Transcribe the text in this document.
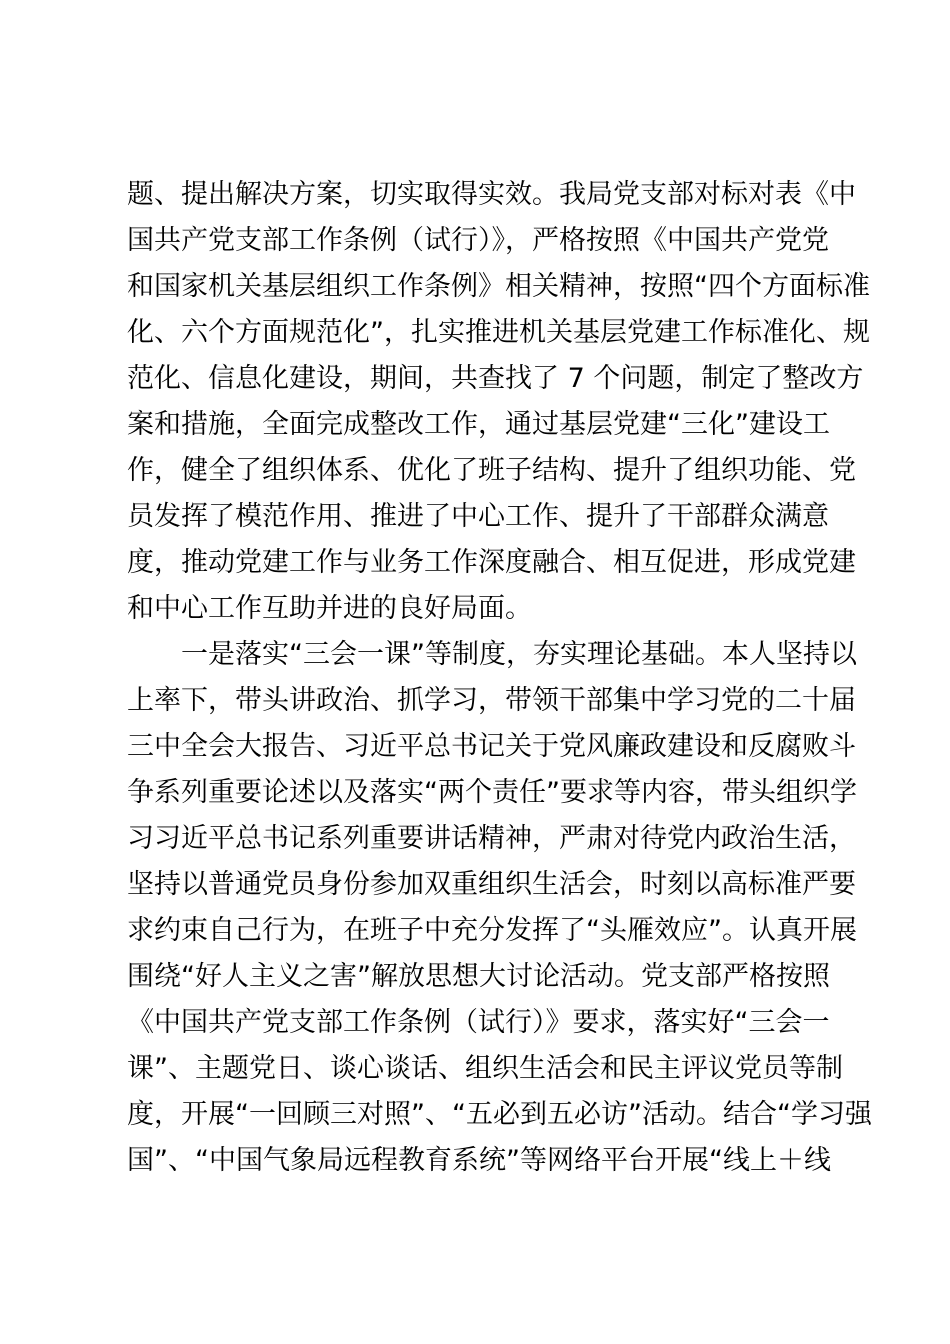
题、提出解决方案，切实取得实效。我局党支部对标对表《中
国共产党支部工作条例（试行）》，严格按照《中国共产党党
和国家机关基层组织工作条例》相关精神，按照“四个方面标准
化、六个方面规范化”，扎实推进机关基层党建工作标准化、规
范化、信息化建设，期间，共查找了 7 个问题，制定了整改方
案和措施，全面完成整改工作，通过基层党建“三化”建设工
作，健全了组织体系、优化了班子结构、提升了组织功能、党
员发挥了模范作用、推进了中心工作、提升了干部群众满意
度，推动党建工作与业务工作深度融合、相互促进，形成党建
和中心工作互助并进的良好局面。
一是落实“三会一课”等制度，夯实理论基础。本人坚持以
上率下，带头讲政治、抓学习，带领干部集中学习党的二十届
三中全会大报告、习近平总书记关于党风廉政建设和反腐败斗
争系列重要论述以及落实“两个责任”要求等内容，带头组织学
习习近平总书记系列重要讲话精神，严肃对待党内政治生活，
坚持以普通党员身份参加双重组织生活会，时刻以高标准严要
求约束自己行为，在班子中充分发挥了“头雁效应”。认真开展
围绕“好人主义之害”解放思想大讨论活动。党支部严格按照
《中国共产党支部工作条例（试行）》要求，落实好“三会一
课”、主题党日、谈心谈话、组织生活会和民主评议党员等制
度，开展“一回顾三对照”、“五必到五必访”活动。结合“学习强
国”、“中国气象局远程教育系统”等网络平台开展“线上＋线
